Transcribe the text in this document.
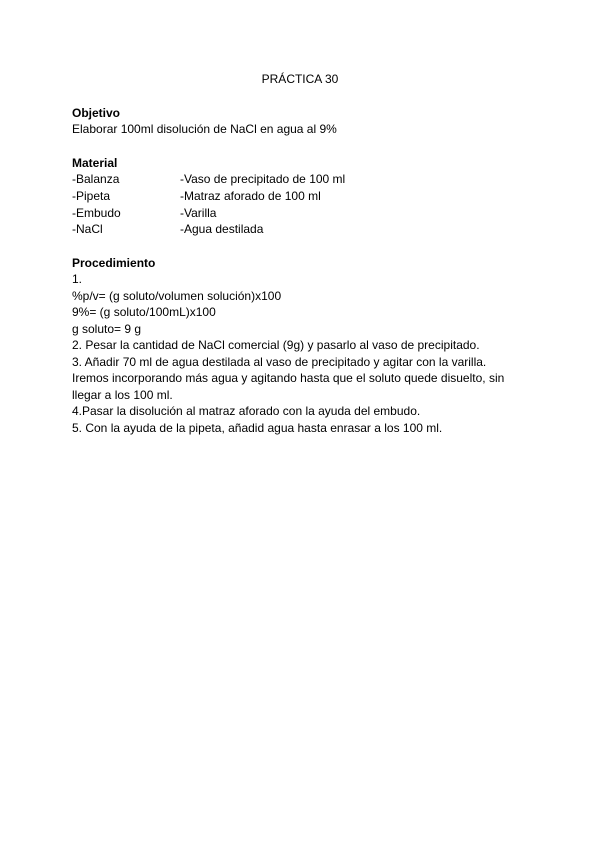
PRÁCTICA 30
Objetivo
Elaborar 100ml disolución de NaCl en agua al 9%
Material
-Balanza	-Vaso de precipitado de 100 ml
-Pipeta	-Matraz aforado de 100 ml
-Embudo	-Varilla
-NaCl	-Agua destilada
Procedimiento
1.
%p/v= (g soluto/volumen solución)x100
9%= (g soluto/100mL)x100
g soluto= 9 g
2. Pesar la cantidad de NaCl comercial (9g) y pasarlo al vaso de precipitado.
3. Añadir 70 ml de agua destilada al vaso de precipitado y agitar con la varilla. Iremos incorporando más agua y agitando hasta que el soluto quede disuelto, sin llegar a los 100 ml.
4.Pasar la disolución al matraz aforado con la ayuda del embudo.
5. Con la ayuda de la pipeta, añadid agua hasta enrasar a los 100 ml.
